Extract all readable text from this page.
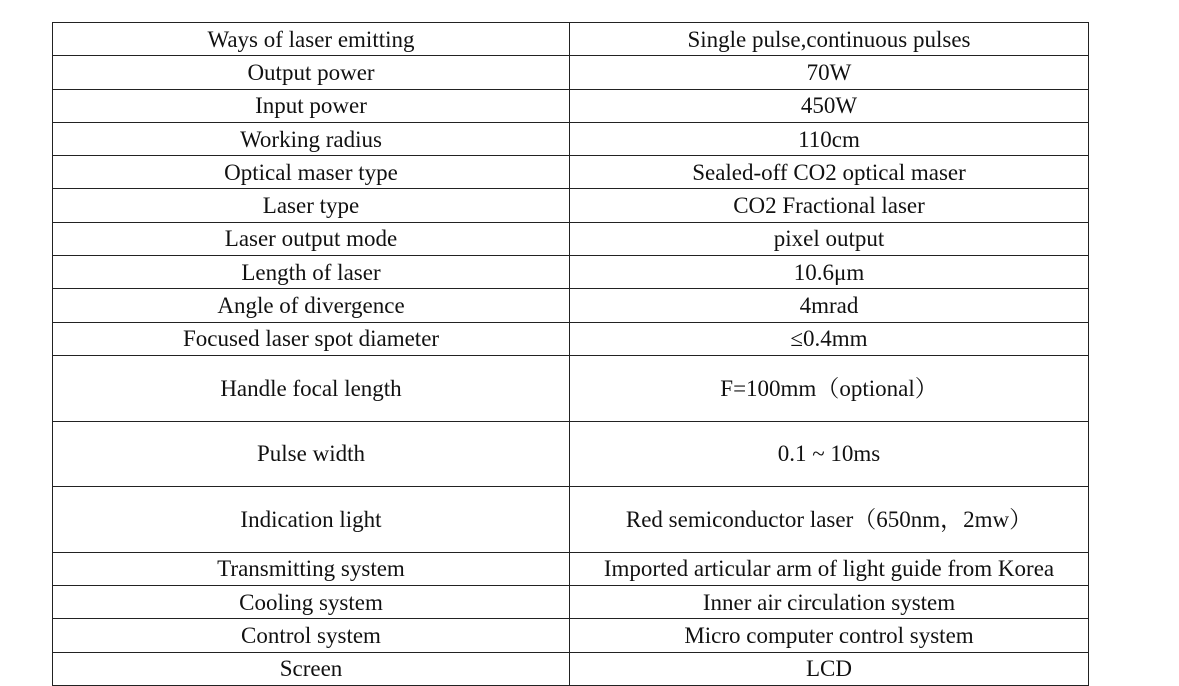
Ways of laser emitting	Single pulse,continuous pulses
Output power	70W
Input power	450W
Working radius	110cm
Optical maser type	Sealed-off CO2 optical maser
Laser type	CO2 Fractional laser
Laser output mode	pixel output
Length of laser	10.6μm
Angle of divergence	4mrad
Focused laser spot diameter	≤0.4mm
Handle focal length	F=100mm（optional）
Pulse width	0.1 ~ 10ms
Indication light	Red semiconductor laser（650nm，2mw）
Transmitting system	Imported articular arm of light guide from Korea
Cooling system	Inner air circulation system
Control system	Micro computer control system
Screen	LCD
